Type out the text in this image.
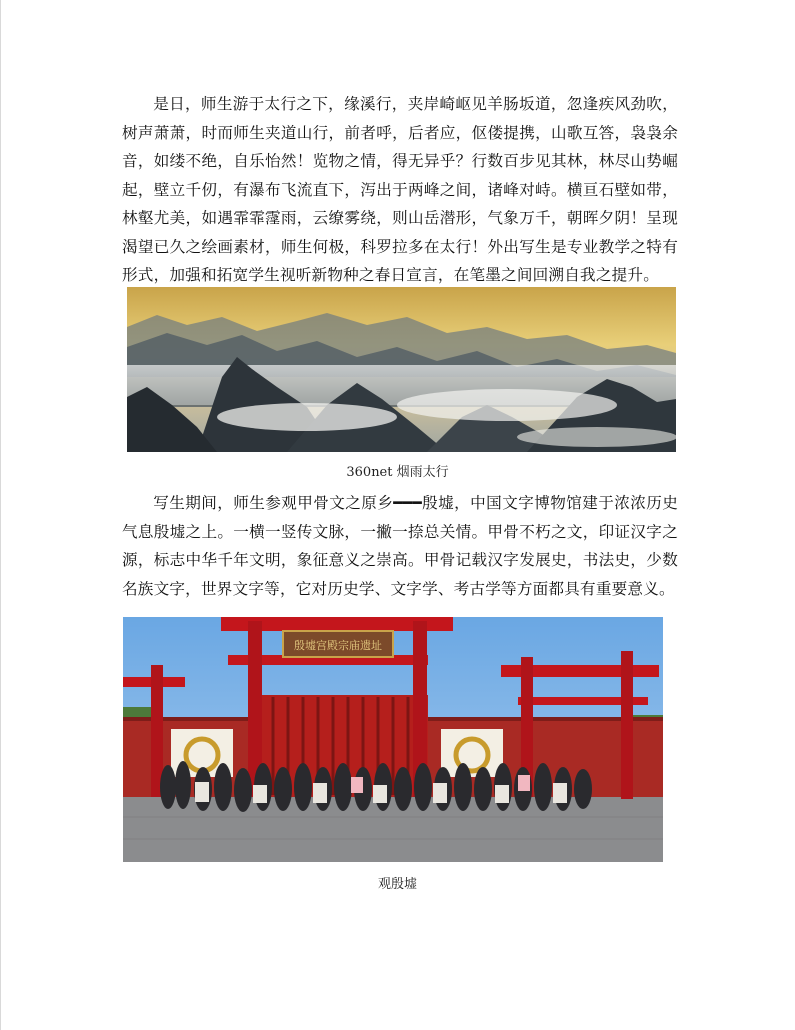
是日，师生游于太行之下，缘溪行，夹岸崎岖见羊肠坂道，忽逢疾风劲吹，树声萧萧，时而师生夹道山行，前者呼，后者应，伛偻提携，山歌互答，袅袅余音，如缕不绝，自乐怡然！览物之情，得无异乎？行数百步见其林，林尽山势崛起，壁立千仞，有瀑布飞流直下，泻出于两峰之间，诸峰对峙。横亘石壁如带，林壑尤美，如遇霏霏霪雨，云缭雾绕，则山岳潜形，气象万千，朝晖夕阴！呈现渴望已久之绘画素材，师生何极，科罗拉多在太行！外出写生是专业教学之特有形式，加强和拓宽学生视听新物种之春日宣言，在笔墨之间回溯自我之提升。

360net 烟雨太行

写生期间，师生参观甲骨文之原乡━━━殷墟，中国文字博物馆建于浓浓历史气息殷墟之上。一横一竖传文脉，一撇一捺总关情。甲骨不朽之文，印证汉字之源，标志中华千年文明，象征意义之崇高。甲骨记载汉字发展史，书法史，少数名族文字，世界文字等，它对历史学、文字学、考古学等方面都具有重要意义。

殷墟宫殿宗庙遗址
观殷墟
